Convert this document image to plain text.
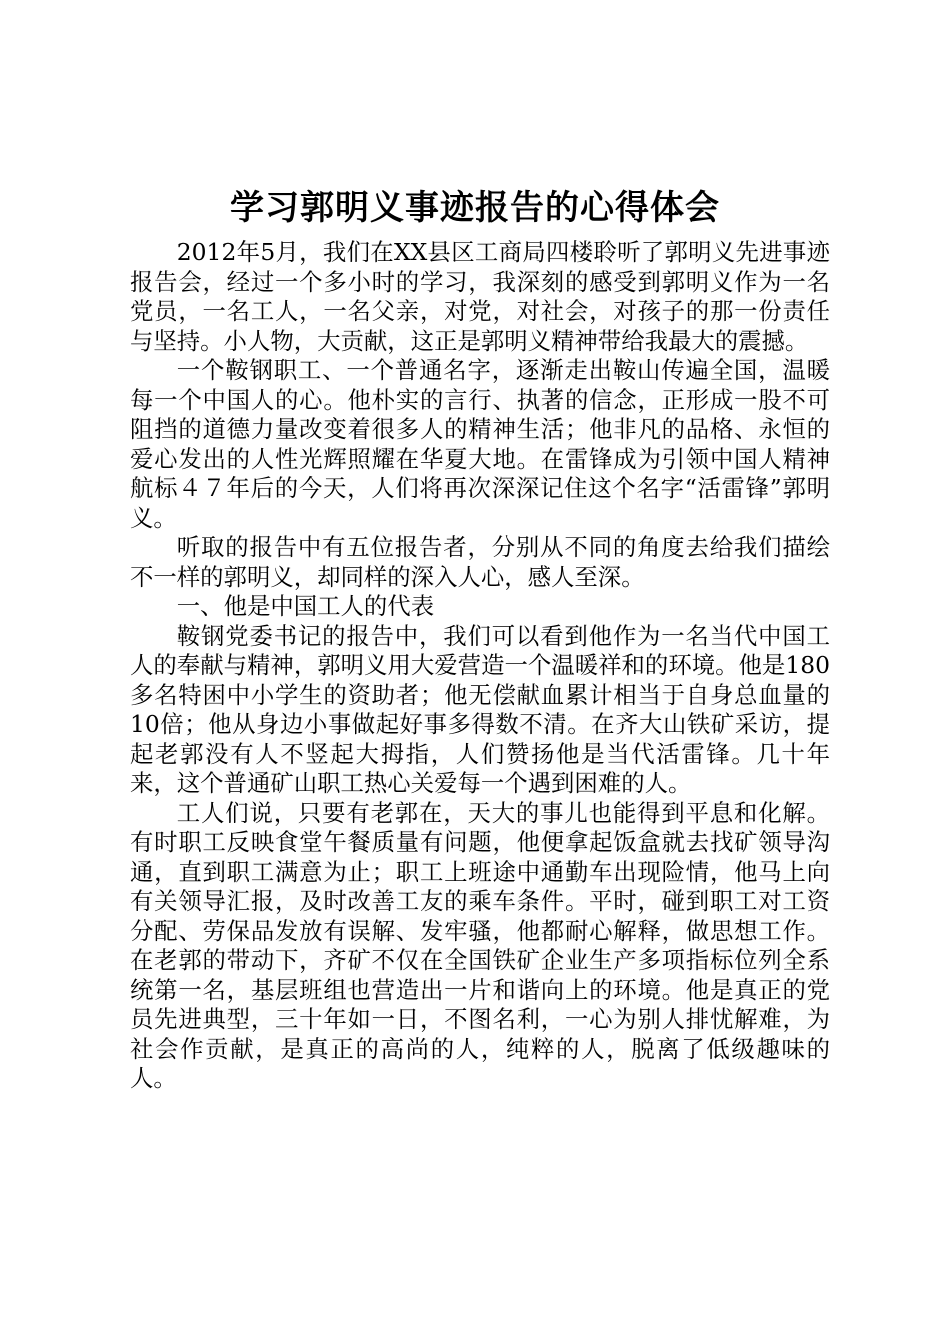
学习郭明义事迹报告的心得体会

2012年5月，我们在XX县区工商局四楼聆听了郭明义先进事迹报告会，经过一个多小时的学习，我深刻的感受到郭明义作为一名党员，一名工人，一名父亲，对党，对社会，对孩子的那一份责任与坚持。小人物，大贡献，这正是郭明义精神带给我最大的震撼。

一个鞍钢职工、一个普通名字，逐渐走出鞍山传遍全国，温暖每一个中国人的心。他朴实的言行、执著的信念，正形成一股不可阻挡的道德力量改变着很多人的精神生活；他非凡的品格、永恒的爱心发出的人性光辉照耀在华夏大地。在雷锋成为引领中国人精神航标４７年后的今天，人们将再次深深记住这个名字“活雷锋”郭明义。

听取的报告中有五位报告者，分别从不同的角度去给我们描绘不一样的郭明义，却同样的深入人心，感人至深。

一、他是中国工人的代表

鞍钢党委书记的报告中，我们可以看到他作为一名当代中国工人的奉献与精神，郭明义用大爱营造一个温暖祥和的环境。他是180多名特困中小学生的资助者；他无偿献血累计相当于自身总血量的10倍；他从身边小事做起好事多得数不清。在齐大山铁矿采访，提起老郭没有人不竖起大拇指，人们赞扬他是当代活雷锋。几十年来，这个普通矿山职工热心关爱每一个遇到困难的人。

工人们说，只要有老郭在，天大的事儿也能得到平息和化解。有时职工反映食堂午餐质量有问题，他便拿起饭盒就去找矿领导沟通，直到职工满意为止；职工上班途中通勤车出现险情，他马上向有关领导汇报，及时改善工友的乘车条件。平时，碰到职工对工资分配、劳保品发放有误解、发牢骚，他都耐心解释，做思想工作。在老郭的带动下，齐矿不仅在全国铁矿企业生产多项指标位列全系统第一名，基层班组也营造出一片和谐向上的环境。他是真正的党员先进典型，三十年如一日，不图名利，一心为别人排忧解难，为社会作贡献，是真正的高尚的人，纯粹的人，脱离了低级趣味的人。
